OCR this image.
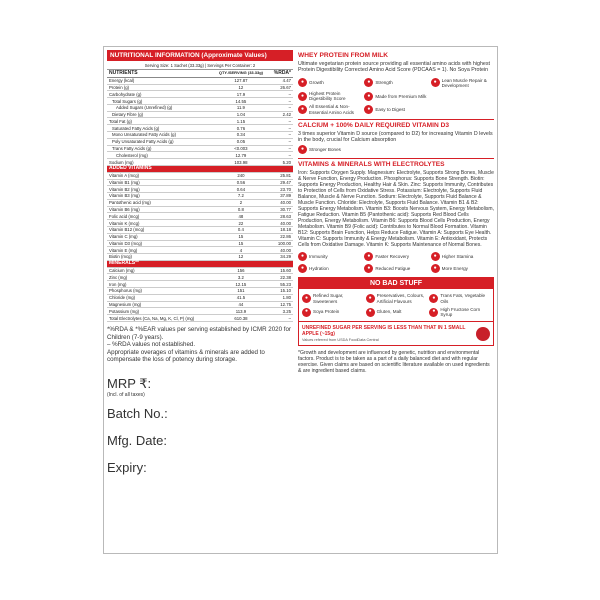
NUTRITIONAL INFORMATION (Approximate Values)
Serving Size: 1 Sachet (33.33g) | Servings Per Container: 2
NUTRIENTS	QTY./SERVING (33.33g)	%RDA*
Energy (kcal)	127.87	4.47
Protein (g)	12	26.67
Carbohydrate (g)	17.9	–
Total Sugars (g)	14.55	–
Added Sugars (Unrefined) (g)	11.9	–
Dietary Fibre (g)	1.04	2.42
Total Fat (g)	1.15	–
Saturated Fatty Acids (g)	0.76	–
Mono Unsaturated Fatty Acids (g)	0.34	–
Poly Unsaturated Fatty Acids (g)	0.05	–
Trans Fatty Acids (g)	<0.003	–
Cholesterol (mg)	12.79	–
Sodium (mg)	103.98	5.20
ADDED VITAMINS		
Vitamin A (mcg)	240	25.81
Vitamin B1 (mg)	0.56	29.47
Vitamin B2 (mg)	0.64	23.70
Vitamin B3 (mg)	7.2	37.89
Pantothenic acid (mg)	2	40.00
Vitamin B6 (mg)	0.8	30.77
Folic acid (mcg)	48	28.63
Vitamin K (mcg)	22	40.00
Vitamin B12 (mcg)	0.4	18.18
Vitamin C (mg)	15	22.86
Vitamin D3 (mcg)	15	100.00
Vitamin E (mg)	4	40.00
Biotin (mcg)	12	34.29
MINERALS**		
Calcium (mg)	156	15.60
Zinc (mg)	3.2	22.38
Iron (mg)	12.15	55.23
Phosphorus (mg)	151	15.10
Chloride (mg)	41.5	1.80
Magnesium (mg)	44	12.75
Potassium (mg)	113.9	3.25
Total Electrolytes (Ca, Na, Mg, K, Cl, P) (mg)	610.38	–
*%RDA & *%EAR values per serving established by ICMR 2020 for Children (7-9 years).
– %RDA values not established.
Appropriate overages of vitamins & minerals are added to compensate the loss of potency during storage.
MRP ₹:
(Incl. of all taxes)
Batch No.:
Mfg. Date:
Expiry:
WHEY PROTEIN FROM MILK
Ultimate vegetarian protein source providing all essential amino acids with highest Protein Digestibility Corrected Amino Acid Score (PDCAAS = 1). No Soya Protein
●	Growth	●	Strength	●	Lean Muscle Repair & Development
●	Highest Protein Digestibility Score
●	Made from Premium Milk
●	All Essential & Non-Essential Amino Acids
●	Easy to Digest
CALCIUM + 100% DAILY REQUIRED VITAMIN D3
3 times superior Vitamin D source (compared to D2) for increasing Vitamin D levels in the body, crucial for Calcium absorption
●	Stronger Bones
VITAMINS & MINERALS WITH ELECTROLYTES
Iron: Supports Oxygen Supply. Magnesium: Electrolyte, Supports Strong Bones, Muscle & Nerve Function, Energy Production. Phosphorus: Supports Bone Strength. Biotin: Supports Energy Production, Healthy Hair & Skin. Zinc: Supports Immunity, Contributes to Protection of Cells from Oxidative Stress. Potassium: Electrolyte, Supports Fluid Balance, Muscle & Nerve Function. Sodium: Electrolyte, Supports Fluid Balance & Muscle Function. Chloride: Electrolyte, Supports Fluid Balance. Vitamin B1 & B2: Supports Energy Metabolism. Vitamin B3: Boosts Nervous System, Energy Metabolism, Fatigue Reduction. Vitamin B5 (Pantothenic acid): Supports Red Blood Cells Production, Energy Metabolism. Vitamin B6: Supports Blood Cells Production, Energy Metabolism. Vitamin B9 (Folic acid): Contributes to Normal Blood Formation. Vitamin B12: Supports Brain Function, Helps Reduce Fatigue. Vitamin A: Supports Eye Health. Vitamin C: Supports Immunity & Energy Metabolism. Vitamin E: Antioxidant, Protects Cells from Oxidative Damage. Vitamin K: Supports Maintenance of Normal Bones.
●	Immunity	●	Faster Recovery	●	Higher Stamina
●	Hydration	●	Reduced Fatigue	●	More Energy
NO BAD STUFF
●	Refined Sugar, Sweeteners
●	Preservatives, Colours, Artificial Flavours
●	Trans Fats, Vegetable Oils
●	Soya Protein	●	Gluten, Malt	●	High Fructose Corn Syrup
UNREFINED SUGAR PER SERVING IS LESS THAN THAT IN 1 SMALL APPLE (~15g)
Values referred from USDA FoodData Central
*Growth and development are influenced by genetic, nutrition and environmental factors. Product is to be taken as a part of a daily balanced diet and with regular exercise. Given claims are based on scientific literature available on used ingredients & are ingredient based claims.
